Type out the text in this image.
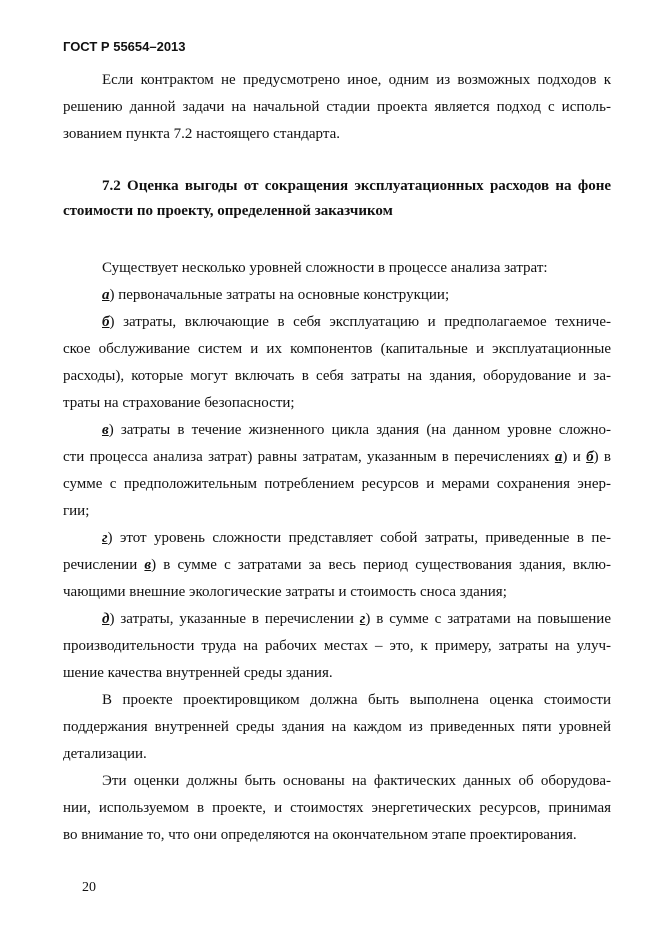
ГОСТ Р 55654–2013
Если контрактом не предусмотрено иное, одним из возможных подходов к
решению данной задачи на начальной стадии проекта является подход с исполь-
зованием пункта 7.2 настоящего стандарта.
7.2 Оценка выгоды от сокращения эксплуатационных расходов на фоне
стоимости по проекту, определенной заказчиком
Существует несколько уровней сложности в процессе анализа затрат:
а) первоначальные затраты на основные конструкции;
б) затраты, включающие в себя эксплуатацию и предполагаемое техниче-
ское обслуживание систем и их компонентов (капитальные и эксплуатационные
расходы), которые могут включать в себя затраты на здания, оборудование и за-
траты на страхование безопасности;
в) затраты в течение жизненного цикла здания (на данном уровне сложно-
сти процесса анализа затрат) равны затратам, указанным в перечислениях а) и б) в
сумме с предположительным потреблением ресурсов и мерами сохранения энер-
гии;
г) этот уровень сложности представляет собой затраты, приведенные в пе-
речислении в) в сумме с затратами за весь период существования здания, вклю-
чающими внешние экологические затраты и стоимость сноса здания;
д) затраты, указанные в перечислении г) в сумме с затратами на повышение
производительности труда на рабочих местах – это, к примеру, затраты на улуч-
шение качества внутренней среды здания.
В проекте проектировщиком должна быть выполнена оценка стоимости
поддержания внутренней среды здания на каждом из приведенных пяти уровней
детализации.
Эти оценки должны быть основаны на фактических данных об оборудова-
нии, используемом в проекте, и стоимостях энергетических ресурсов, принимая
во внимание то, что они определяются на окончательном этапе проектирования.
20
